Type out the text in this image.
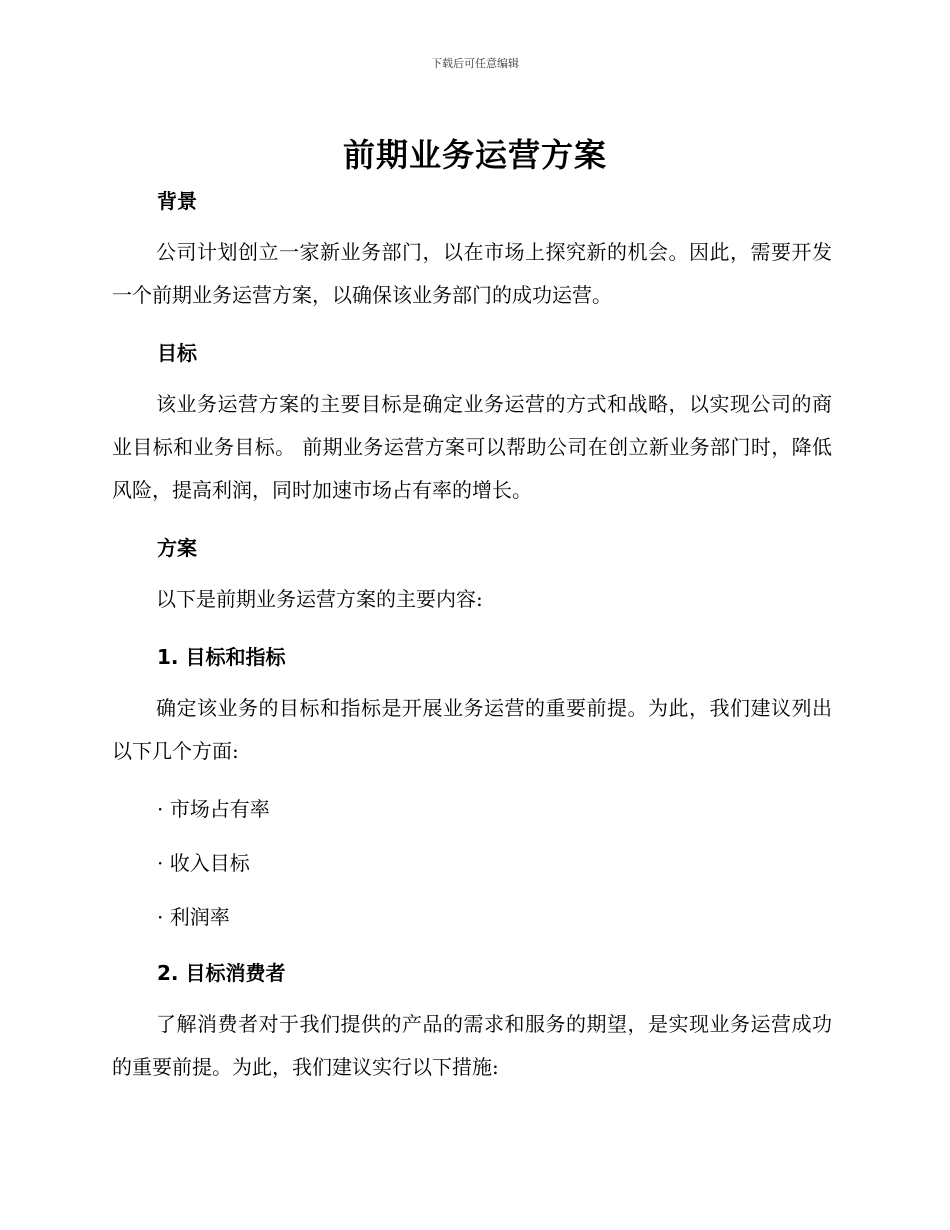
下载后可任意编辑
前期业务运营方案
背景
公司计划创立一家新业务部门，以在市场上探究新的机会。因此，需要开发一个前期业务运营方案，以确保该业务部门的成功运营。
目标
该业务运营方案的主要目标是确定业务运营的方式和战略，以实现公司的商业目标和业务目标。 前期业务运营方案可以帮助公司在创立新业务部门时，降低风险，提高利润，同时加速市场占有率的增长。
方案
以下是前期业务运营方案的主要内容:
1. 目标和指标
确定该业务的目标和指标是开展业务运营的重要前提。为此，我们建议列出以下几个方面:
· 市场占有率
· 收入目标
· 利润率
2. 目标消费者
了解消费者对于我们提供的产品的需求和服务的期望，是实现业务运营成功的重要前提。为此，我们建议实行以下措施:
